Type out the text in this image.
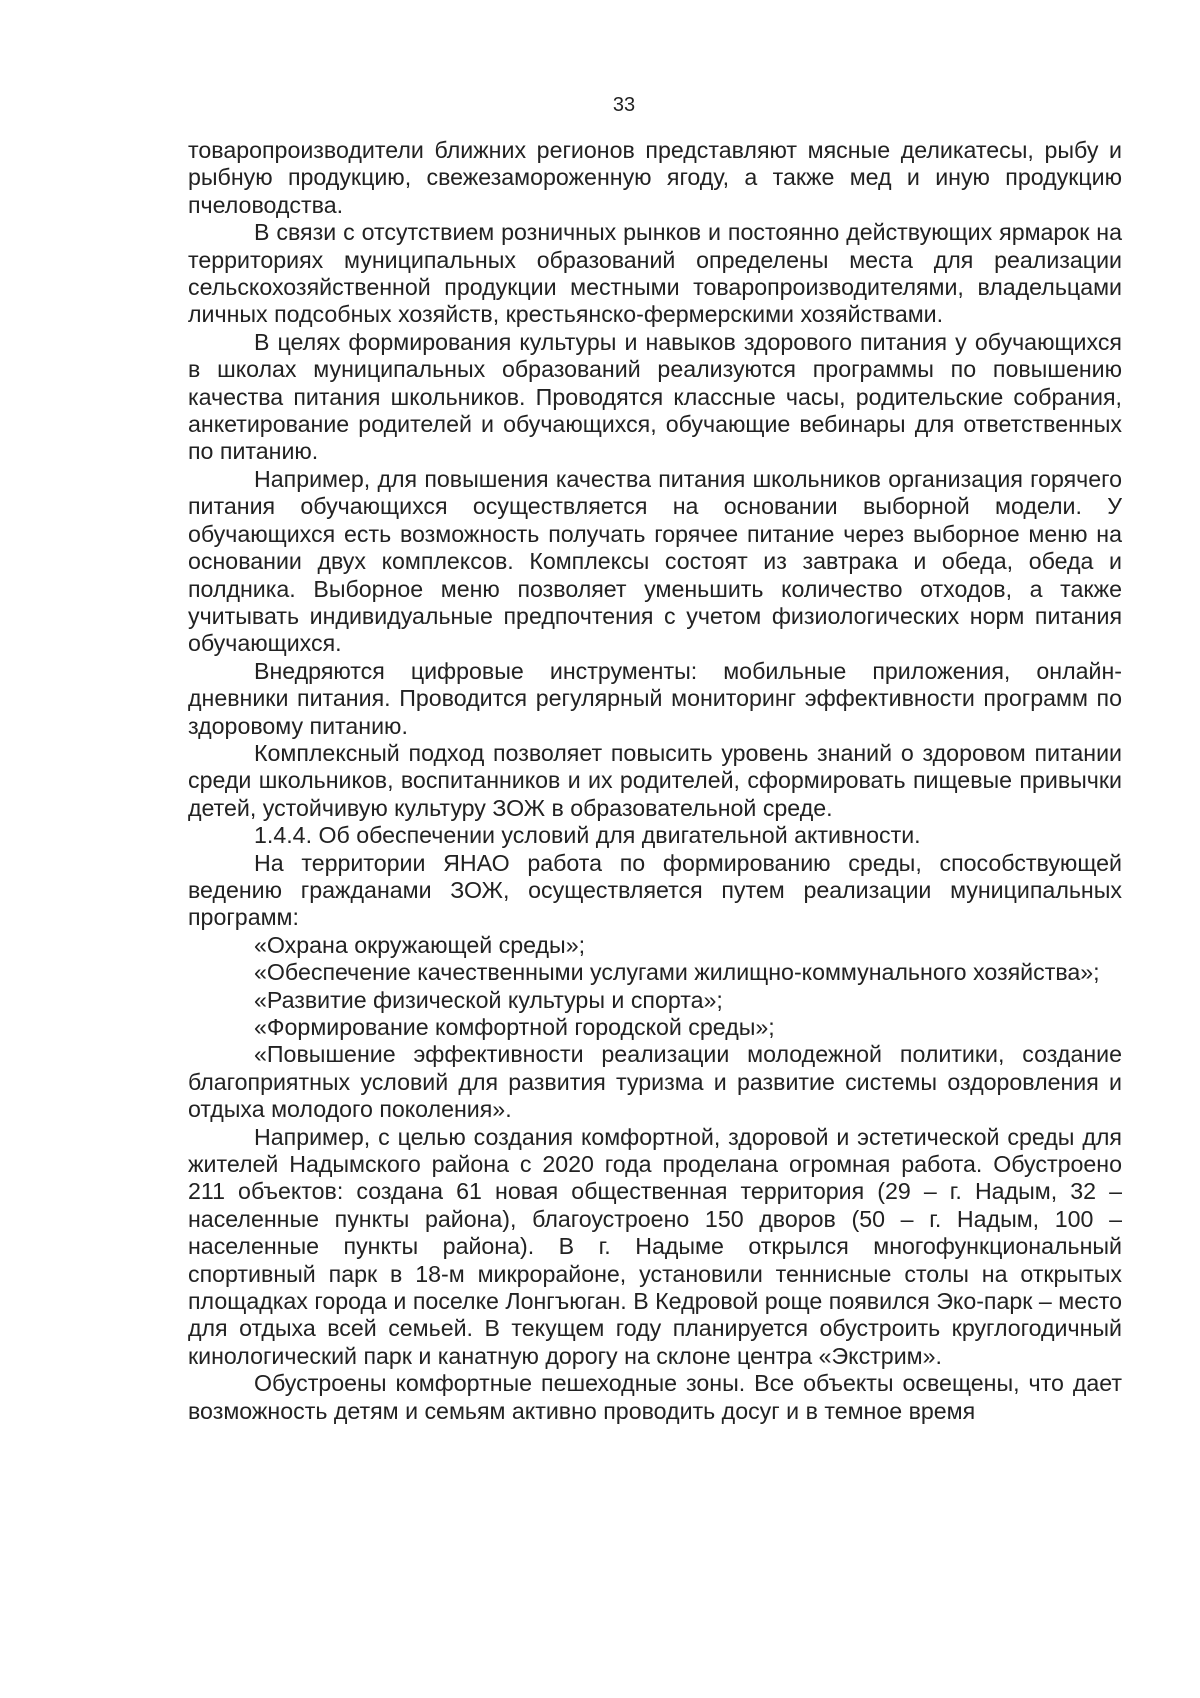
33

товаропроизводители ближних регионов представляют мясные деликатесы, рыбу и рыбную продукцию, свежезамороженную ягоду, а также мед и иную продукцию пчеловодства.

В связи с отсутствием розничных рынков и постоянно действующих ярмарок на территориях муниципальных образований определены места для реализации сельскохозяйственной продукции местными товаропроизводителями, владельцами личных подсобных хозяйств, крестьянско-фермерскими хозяйствами.

В целях формирования культуры и навыков здорового питания у обучающихся в школах муниципальных образований реализуются программы по повышению качества питания школьников. Проводятся классные часы, родительские собрания, анкетирование родителей и обучающихся, обучающие вебинары для ответственных по питанию.

Например, для повышения качества питания школьников организация горячего питания обучающихся осуществляется на основании выборной модели. У обучающихся есть возможность получать горячее питание через выборное меню на основании двух комплексов. Комплексы состоят из завтрака и обеда, обеда и полдника. Выборное меню позволяет уменьшить количество отходов, а также учитывать индивидуальные предпочтения с учетом физиологических норм питания обучающихся.

Внедряются цифровые инструменты: мобильные приложения, онлайн-дневники питания. Проводится регулярный мониторинг эффективности программ по здоровому питанию.

Комплексный подход позволяет повысить уровень знаний о здоровом питании среди школьников, воспитанников и их родителей, сформировать пищевые привычки детей, устойчивую культуру ЗОЖ в образовательной среде.

1.4.4. Об обеспечении условий для двигательной активности.

На территории ЯНАО работа по формированию среды, способствующей ведению гражданами ЗОЖ, осуществляется путем реализации муниципальных программ:

«Охрана окружающей среды»;

«Обеспечение качественными услугами жилищно-коммунального хозяйства»;

«Развитие физической культуры и спорта»;

«Формирование комфортной городской среды»;

«Повышение эффективности реализации молодежной политики, создание благоприятных условий для развития туризма и развитие системы оздоровления и отдыха молодого поколения».

Например, с целью создания комфортной, здоровой и эстетической среды для жителей Надымского района с 2020 года проделана огромная работа. Обустроено 211 объектов: создана 61 новая общественная территория (29 – г. Надым, 32 – населенные пункты района), благоустроено 150 дворов (50 – г. Надым, 100 – населенные пункты района). В г. Надыме открылся многофункциональный спортивный парк в 18-м микрорайоне, установили теннисные столы на открытых площадках города и поселке Лонгъюган. В Кедровой роще появился Эко-парк – место для отдыха всей семьей. В текущем году планируется обустроить круглогодичный кинологический парк и канатную дорогу на склоне центра «Экстрим».

Обустроены комфортные пешеходные зоны. Все объекты освещены, что дает возможность детям и семьям активно проводить досуг и в темное время
